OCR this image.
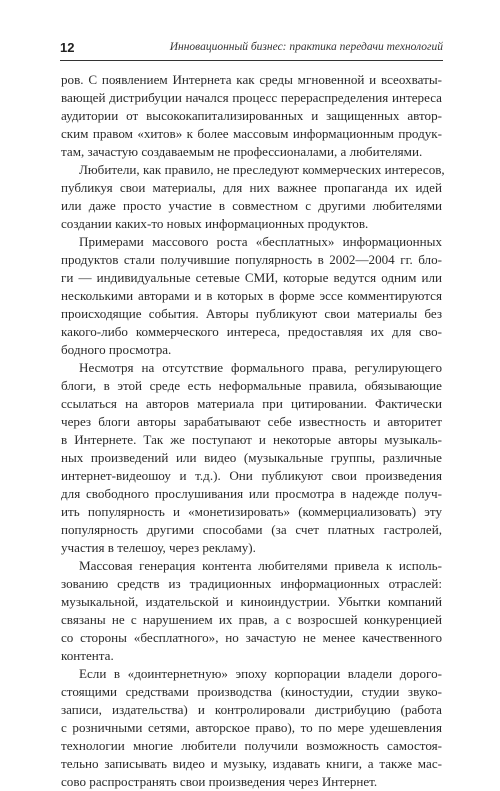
12	Инновационный бизнес: практика передачи технологий
ров. С появлением Интернета как среды мгновенной и всеохваты-
вающей дистрибуции начался процесс перераспределения интереса
аудитории от высококапитализированных и защищенных автор-
ским правом «хитов» к более массовым информационным продук-
там, зачастую создаваемым не профессионалами, а любителями.
Любители, как правило, не преследуют коммерческих интересов,
публикуя свои материалы, для них важнее пропаганда их идей
или даже просто участие в совместном с другими любителями
создании каких-то новых информационных продуктов.
Примерами массового роста «бесплатных» информационных
продуктов стали получившие популярность в 2002—2004 гг. бло-
ги — индивидуальные сетевые СМИ, которые ведутся одним или
несколькими авторами и в которых в форме эссе комментируются
происходящие события. Авторы публикуют свои материалы без
какого-либо коммерческого интереса, предоставляя их для сво-
бодного просмотра.
Несмотря на отсутствие формального права, регулирующего
блоги, в этой среде есть неформальные правила, обязывающие
ссылаться на авторов материала при цитировании. Фактически
через блоги авторы зарабатывают себе известность и авторитет
в Интернете. Так же поступают и некоторые авторы музыкаль-
ных произведений или видео (музыкальные группы, различные
интернет-видеошоу и т.д.). Они публикуют свои произведения
для свободного прослушивания или просмотра в надежде получ-
ить популярность и «монетизировать» (коммерциализовать) эту
популярность другими способами (за счет платных гастролей,
участия в телешоу, через рекламу).
Массовая генерация контента любителями привела к исполь-
зованию средств из традиционных информационных отраслей:
музыкальной, издательской и киноиндустрии. Убытки компаний
связаны не с нарушением их прав, а с возросшей конкуренцией
со стороны «бесплатного», но зачастую не менее качественного
контента.
Если в «доинтернетную» эпоху корпорации владели дорого-
стоящими средствами производства (киностудии, студии звуко-
записи, издательства) и контролировали дистрибуцию (работа
с розничными сетями, авторское право), то по мере удешевления
технологии многие любители получили возможность самостоя-
тельно записывать видео и музыку, издавать книги, а также мас-
сово распространять свои произведения через Интернет.
